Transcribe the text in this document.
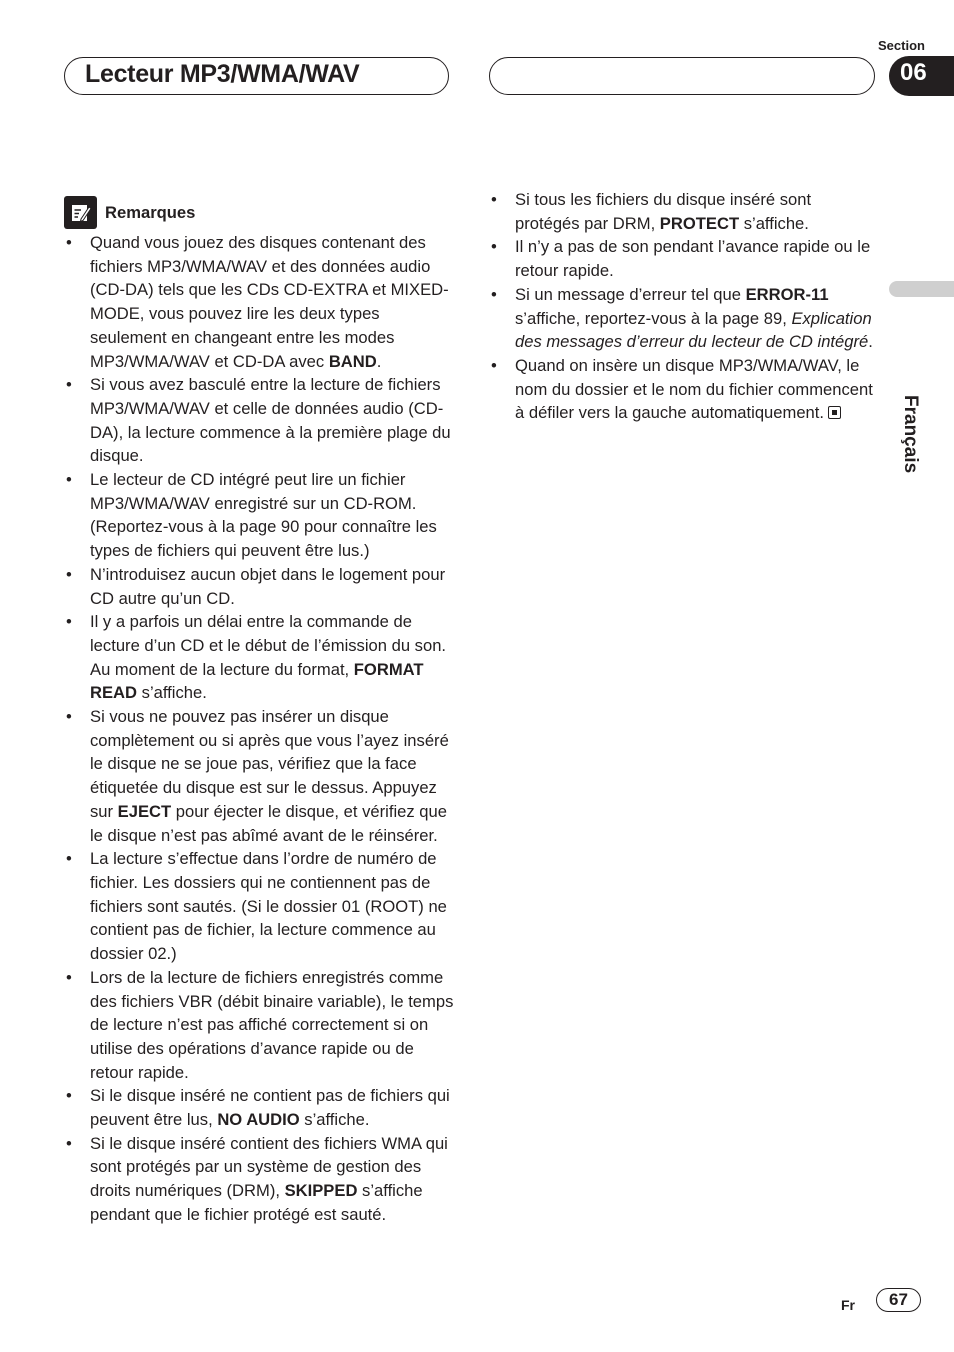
Lecteur MP3/WMA/WAV
Section
06
Français
Remarques
• Quand vous jouez des disques contenant des fichiers MP3/WMA/WAV et des données audio (CD-DA) tels que les CDs CD-EXTRA et MIXED-MODE, vous pouvez lire les deux types seulement en changeant entre les modes MP3/WMA/WAV et CD-DA avec BAND.
• Si vous avez basculé entre la lecture de fichiers MP3/WMA/WAV et celle de données audio (CD-DA), la lecture commence à la première plage du disque.
• Le lecteur de CD intégré peut lire un fichier MP3/WMA/WAV enregistré sur un CD-ROM. (Reportez-vous à la page 90 pour connaître les types de fichiers qui peuvent être lus.)
• N’introduisez aucun objet dans le logement pour CD autre qu’un CD.
• Il y a parfois un délai entre la commande de lecture d’un CD et le début de l’émission du son. Au moment de la lecture du format, FORMAT READ s’affiche.
• Si vous ne pouvez pas insérer un disque complètement ou si après que vous l’ayez inséré le disque ne se joue pas, vérifiez que la face étiquetée du disque est sur le dessus. Appuyez sur EJECT pour éjecter le disque, et vérifiez que le disque n’est pas abîmé avant de le réinsérer.
• La lecture s’effectue dans l’ordre de numéro de fichier. Les dossiers qui ne contiennent pas de fichiers sont sautés. (Si le dossier 01 (ROOT) ne contient pas de fichier, la lecture commence au dossier 02.)
• Lors de la lecture de fichiers enregistrés comme des fichiers VBR (débit binaire variable), le temps de lecture n’est pas affiché correctement si on utilise des opérations d’avance rapide ou de retour rapide.
• Si le disque inséré ne contient pas de fichiers qui peuvent être lus, NO AUDIO s’affiche.
• Si le disque inséré contient des fichiers WMA qui sont protégés par un système de gestion des droits numériques (DRM), SKIPPED s’affiche pendant que le fichier protégé est sauté.
• Si tous les fichiers du disque inséré sont protégés par DRM, PROTECT s’affiche.
• Il n’y a pas de son pendant l’avance rapide ou le retour rapide.
• Si un message d’erreur tel que ERROR-11 s’affiche, reportez-vous à la page 89, Explication des messages d’erreur du lecteur de CD intégré.
• Quand on insère un disque MP3/WMA/WAV, le nom du dossier et le nom du fichier commencent à défiler vers la gauche automatiquement.
Fr	67
